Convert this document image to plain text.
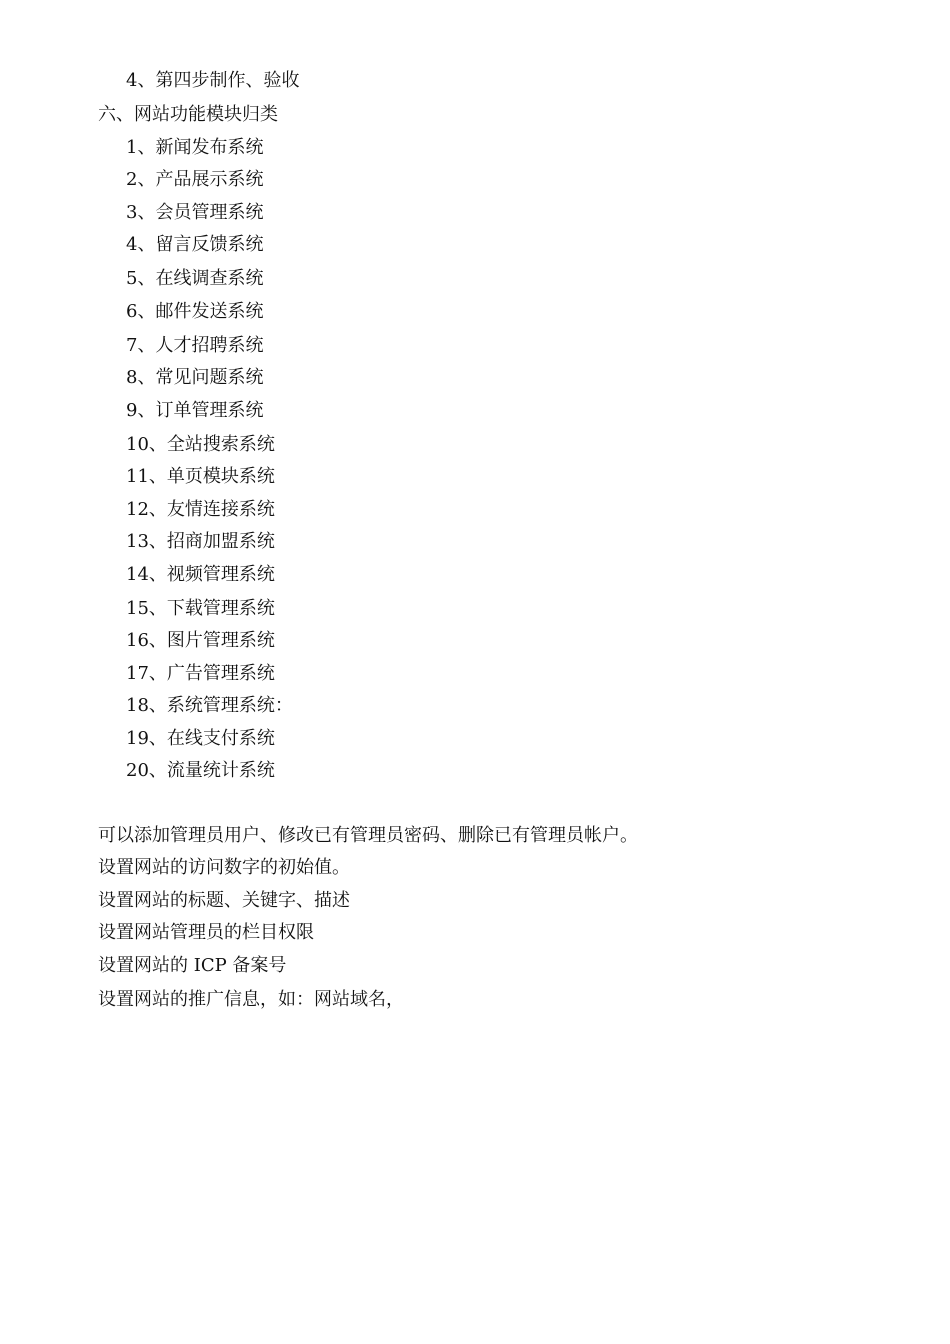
4、第四步制作、验收
六、网站功能模块归类
1、新闻发布系统
2、产品展示系统
3、会员管理系统
4、留言反馈系统
5、在线调查系统
6、邮件发送系统
7、人才招聘系统
8、常见问题系统
9、订单管理系统
10、全站搜索系统
11、单页模块系统
12、友情连接系统
13、招商加盟系统
14、视频管理系统
15、下载管理系统
16、图片管理系统
17、广告管理系统
18、系统管理系统：
19、在线支付系统
20、流量统计系统
可以添加管理员用户、修改已有管理员密码、删除已有管理员帐户。
设置网站的访问数字的初始值。
设置网站的标题、关键字、描述
设置网站管理员的栏目权限
设置网站的 ICP 备案号
设置网站的推广信息，如：网站域名，
